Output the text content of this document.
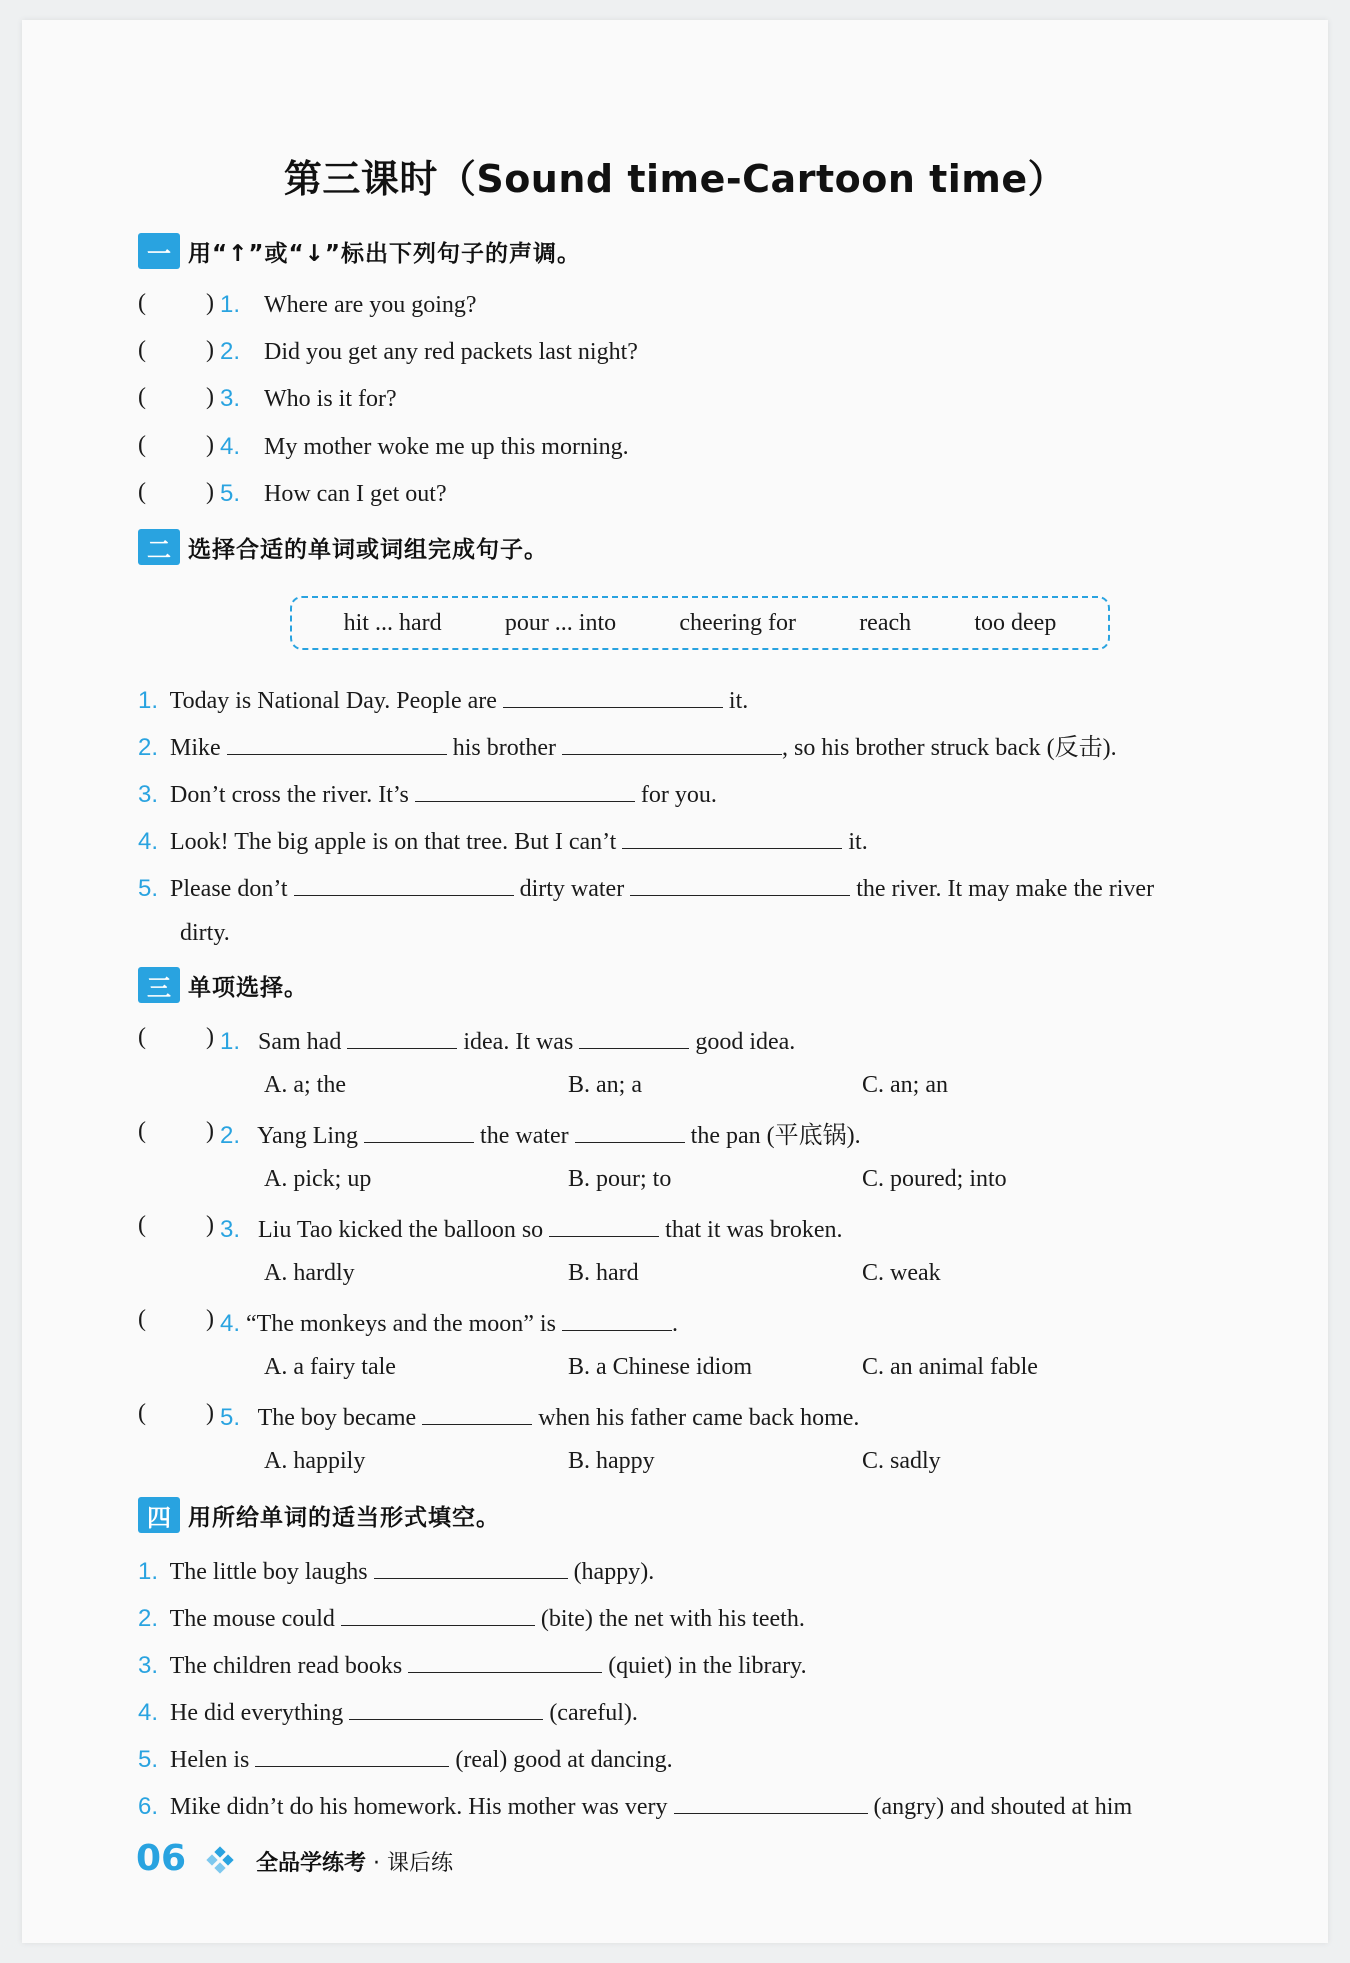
第三课时（Sound time-Cartoon time）
一 用“↑”或“↓”标出下列句子的声调。
(	) 1. Where are you going?
(	) 2. Did you get any red packets last night?
(	) 3. Who is it for?
(	) 4. My mother woke me up this morning.
(	) 5. How can I get out?
二 选择合适的单词或词组完成句子。
hit ... hard	pour ... into	cheering for	reach	too deep
1. Today is National Day. People are	it.
2. Mike	his brother	, so his brother struck back (反击).
3. Don’t cross the river. It’s	for you.
4. Look! The big apple is on that tree. But I can’t	it.
5. Please don’t	dirty water	the river. It may make the river
dirty.
三 单项选择。
(	) 1. Sam had	idea. It was	good idea.
A. a; the	B. an; a	C. an; an
(	) 2. Yang Ling	the water	the pan (平底锅).
A. pick; up	B. pour; to	C. poured; into
(	) 3. Liu Tao kicked the balloon so	that it was broken.
A. hardly	B. hard	C. weak
(	) 4. “The monkeys and the moon” is	.
A. a fairy tale	B. a Chinese idiom	C. an animal fable
(	) 5. The boy became	when his father came back home.
A. happily	B. happy	C. sadly
四 用所给单词的适当形式填空。
1. The little boy laughs	(happy).
2. The mouse could	(bite) the net with his teeth.
3. The children read books	(quiet) in the library.
4. He did everything	(careful).
5. Helen is	(real) good at dancing.
6. Mike didn’t do his homework. His mother was very	(angry) and shouted at him
06	全品学练考 · 课后练
